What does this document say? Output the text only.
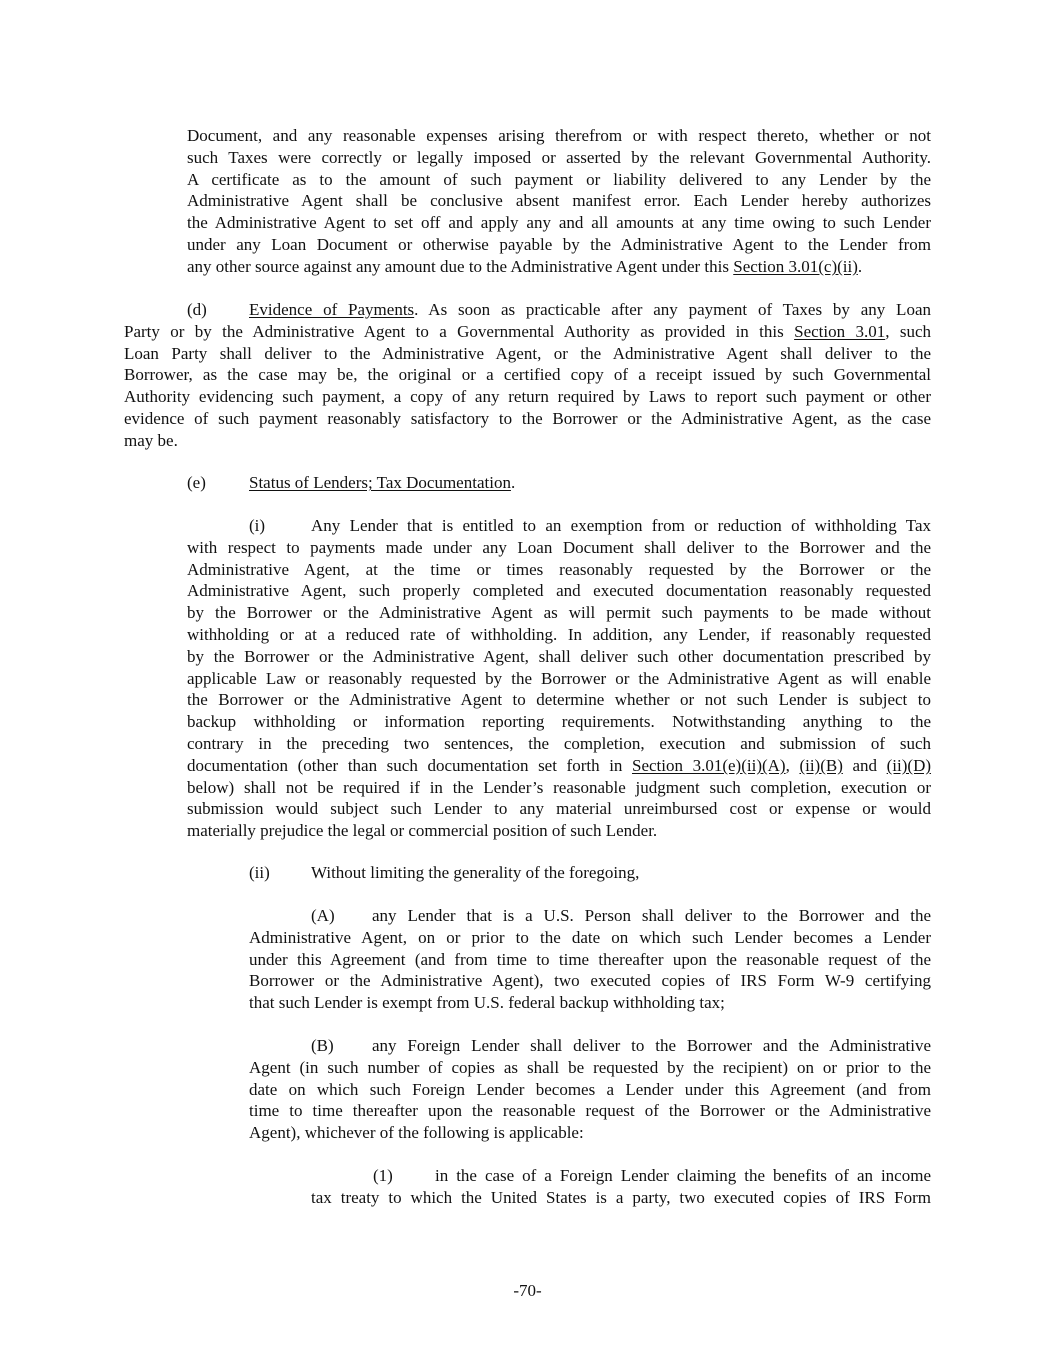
Document, and any reasonable expenses arising therefrom or with respect thereto, whether or not
such Taxes were correctly or legally imposed or asserted by the relevant Governmental Authority.
A certificate as to the amount of such payment or liability delivered to any Lender by the
Administrative Agent shall be conclusive absent manifest error. Each Lender hereby authorizes
the Administrative Agent to set off and apply any and all amounts at any time owing to such Lender
under any Loan Document or otherwise payable by the Administrative Agent to the Lender from
any other source against any amount due to the Administrative Agent under this Section 3.01(c)(ii).
(d) Evidence of Payments. As soon as practicable after any payment of Taxes by any Loan
Party or by the Administrative Agent to a Governmental Authority as provided in this Section 3.01, such
Loan Party shall deliver to the Administrative Agent, or the Administrative Agent shall deliver to the
Borrower, as the case may be, the original or a certified copy of a receipt issued by such Governmental
Authority evidencing such payment, a copy of any return required by Laws to report such payment or other
evidence of such payment reasonably satisfactory to the Borrower or the Administrative Agent, as the case
may be.
(e)	Status of Lenders; Tax Documentation.
(i)	Any Lender that is entitled to an exemption from or reduction of withholding Tax
with respect to payments made under any Loan Document shall deliver to the Borrower and the
Administrative Agent, at the time or times reasonably requested by the Borrower or the
Administrative Agent, such properly completed and executed documentation reasonably requested
by the Borrower or the Administrative Agent as will permit such payments to be made without
withholding or at a reduced rate of withholding. In addition, any Lender, if reasonably requested
by the Borrower or the Administrative Agent, shall deliver such other documentation prescribed by
applicable Law or reasonably requested by the Borrower or the Administrative Agent as will enable
the Borrower or the Administrative Agent to determine whether or not such Lender is subject to
backup withholding or information reporting requirements. Notwithstanding anything to the
contrary in the preceding two sentences, the completion, execution and submission of such
documentation (other than such documentation set forth in Section 3.01(e)(ii)(A), (ii)(B) and (ii)(D)
below) shall not be required if in the Lender’s reasonable judgment such completion, execution or
submission would subject such Lender to any material unreimbursed cost or expense or would
materially prejudice the legal or commercial position of such Lender.
(ii) Without limiting the generality of the foregoing,
(A) any Lender that is a U.S. Person shall deliver to the Borrower and the
Administrative Agent, on or prior to the date on which such Lender becomes a Lender
under this Agreement (and from time to time thereafter upon the reasonable request of the
Borrower or the Administrative Agent), two executed copies of IRS Form W-9 certifying
that such Lender is exempt from U.S. federal backup withholding tax;
(B) any Foreign Lender shall deliver to the Borrower and the Administrative
Agent (in such number of copies as shall be requested by the recipient) on or prior to the
date on which such Foreign Lender becomes a Lender under this Agreement (and from
time to time thereafter upon the reasonable request of the Borrower or the Administrative
Agent), whichever of the following is applicable:
(1) in the case of a Foreign Lender claiming the benefits of an income
tax treaty to which the United States is a party, two executed copies of IRS Form
-70-
